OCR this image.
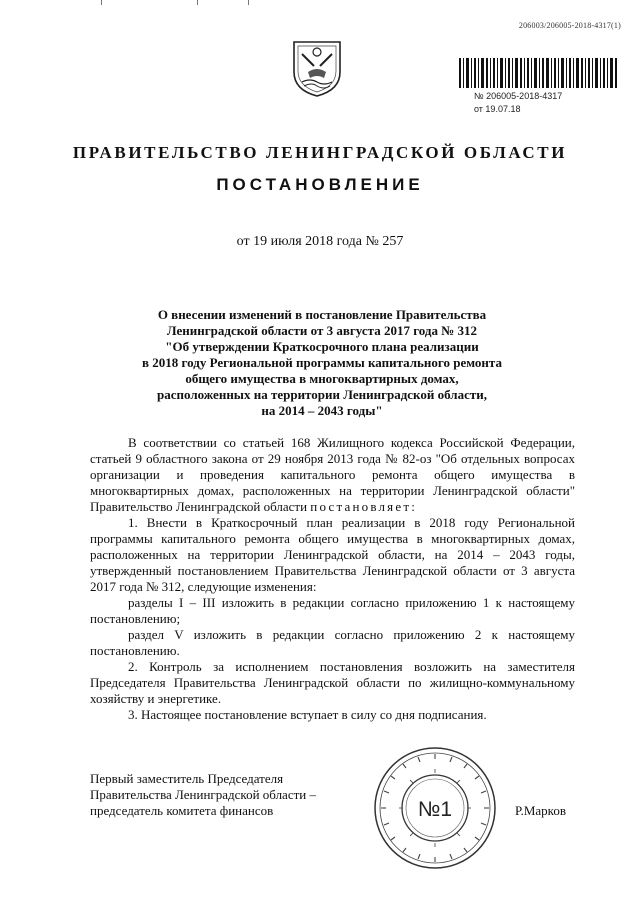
206003/206005-2018-4317(1)
№ 206005-2018-4317
от 19.07.18
ПРАВИТЕЛЬСТВО ЛЕНИНГРАДСКОЙ ОБЛАСТИ
ПОСТАНОВЛЕНИЕ
от 19 июля 2018 года № 257
О внесении изменений в постановление Правительства
Ленинградской области от 3 августа 2017 года № 312
"Об утверждении Краткосрочного плана реализации
в 2018 году Региональной программы капитального ремонта
общего имущества в многоквартирных домах,
расположенных на территории Ленинградской области,
на 2014 – 2043 годы"

В соответствии со статьей 168 Жилищного кодекса Российской Федерации, статьей 9 областного закона от 29 ноября 2013 года № 82-оз "Об отдельных вопросах организации и проведения капитального ремонта общего имущества в многоквартирных домах, расположенных на территории Ленинградской области" Правительство Ленинградской области постановляет:

1. Внести в Краткосрочный план реализации в 2018 году Региональной программы капитального ремонта общего имущества в многоквартирных домах, расположенных на территории Ленинградской области, на 2014 – 2043 годы, утвержденный постановлением Правительства Ленинградской области от 3 августа 2017 года № 312, следующие изменения:

разделы I – III изложить в редакции согласно приложению 1 к настоящему постановлению;

раздел V изложить в редакции согласно приложению 2 к настоящему постановлению.

2. Контроль за исполнением постановления возложить на заместителя Председателя Правительства Ленинградской области по жилищно-коммунальному хозяйству и энергетике.

3. Настоящее постановление вступает в силу со дня подписания.

Первый заместитель Председателя
Правительства Ленинградской области –
председатель комитета финансов	№1	Р.Марков
